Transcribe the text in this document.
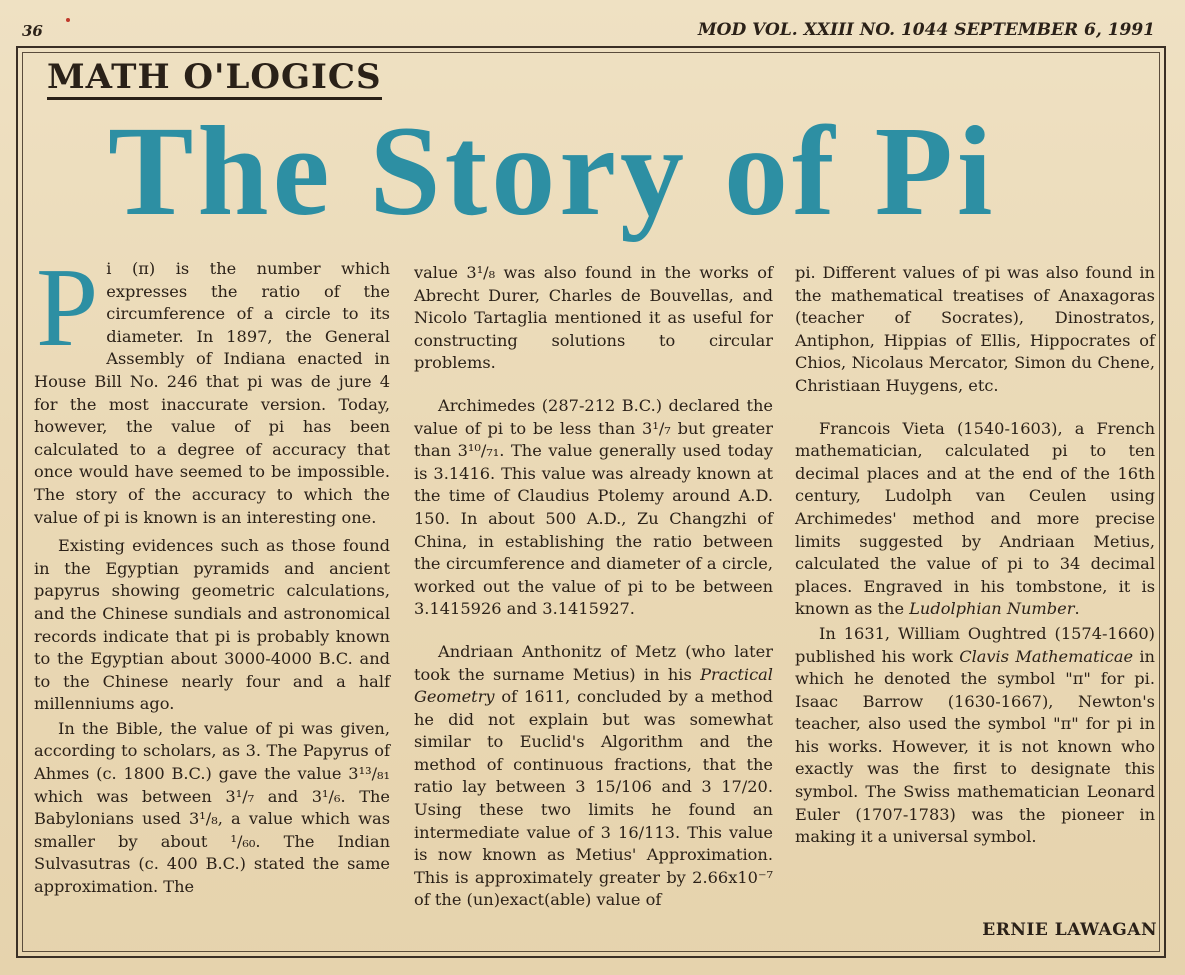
36	MOD VOL. XXIII NO. 1044 SEPTEMBER 6, 1991
MATH O'LOGICS
The Story of Pi

Pi (π) is the number which expresses the ratio of the circumference of a circle to its diameter. In 1897, the General Assembly of Indiana enacted in House Bill No. 246 that pi was de jure 4 for the most inaccurate version. Today, however, the value of pi has been calculated to a degree of accuracy that once would have seemed to be impossible. The story of the accuracy to which the value of pi is known is an interesting one.

Existing evidences such as those found in the Egyptian pyramids and ancient papyrus showing geometric calculations, and the Chinese sundials and astronomical records indicate that pi is probably known to the Egyptian about 3000-4000 B.C. and to the Chinese nearly four and a half millenniums ago.

In the Bible, the value of pi was given, according to scholars, as 3. The Papyrus of Ahmes (c. 1800 B.C.) gave the value 3¹³/₈₁ which was between 3¹/₇ and 3¹/₆. The Babylonians used 3¹/₈, a value which was smaller by about ¹/₆₀. The Indian Sulvasutras (c. 400 B.C.) stated the same approximation. The

value 3¹/₈ was also found in the works of Abrecht Durer, Charles de Bouvellas, and Nicolo Tartaglia mentioned it as useful for constructing solutions to circular problems.

Archimedes (287-212 B.C.) declared the value of pi to be less than 3¹/₇ but greater than 3¹⁰/₇₁. The value generally used today is 3.1416. This value was already known at the time of Claudius Ptolemy around A.D. 150. In about 500 A.D., Zu Changzhi of China, in establishing the ratio between the circumference and diameter of a circle, worked out the value of pi to be between 3.1415926 and 3.1415927.

Andriaan Anthonitz of Metz (who later took the surname Metius) in his Practical Geometry of 1611, concluded by a method he did not explain but was somewhat similar to Euclid's Algorithm and the method of continuous fractions, that the ratio lay between 3 15/106 and 3 17/20. Using these two limits he found an intermediate value of 3 16/113. This value is now known as Metius' Approximation. This is approximately greater by 2.66x10⁻⁷ of the (un)exact(able) value of

pi. Different values of pi was also found in the mathematical treatises of Anaxagoras (teacher of Socrates), Dinostratos, Antiphon, Hippias of Ellis, Hippocrates of Chios, Nicolaus Mercator, Simon du Chene, Christiaan Huygens, etc.

Francois Vieta (1540-1603), a French mathematician, calculated pi to ten decimal places and at the end of the 16th century, Ludolph van Ceulen using Archimedes' method and more precise limits suggested by Andriaan Metius, calculated the value of pi to 34 decimal places. Engraved in his tombstone, it is known as the Ludolphian Number.

In 1631, William Oughtred (1574-1660) published his work Clavis Mathematicae in which he denoted the symbol "π" for pi. Isaac Barrow (1630-1667), Newton's teacher, also used the symbol "π" for pi in his works. However, it is not known who exactly was the first to designate this symbol. The Swiss mathematician Leonard Euler (1707-1783) was the pioneer in making it a universal symbol.

ERNIE LAWAGAN
